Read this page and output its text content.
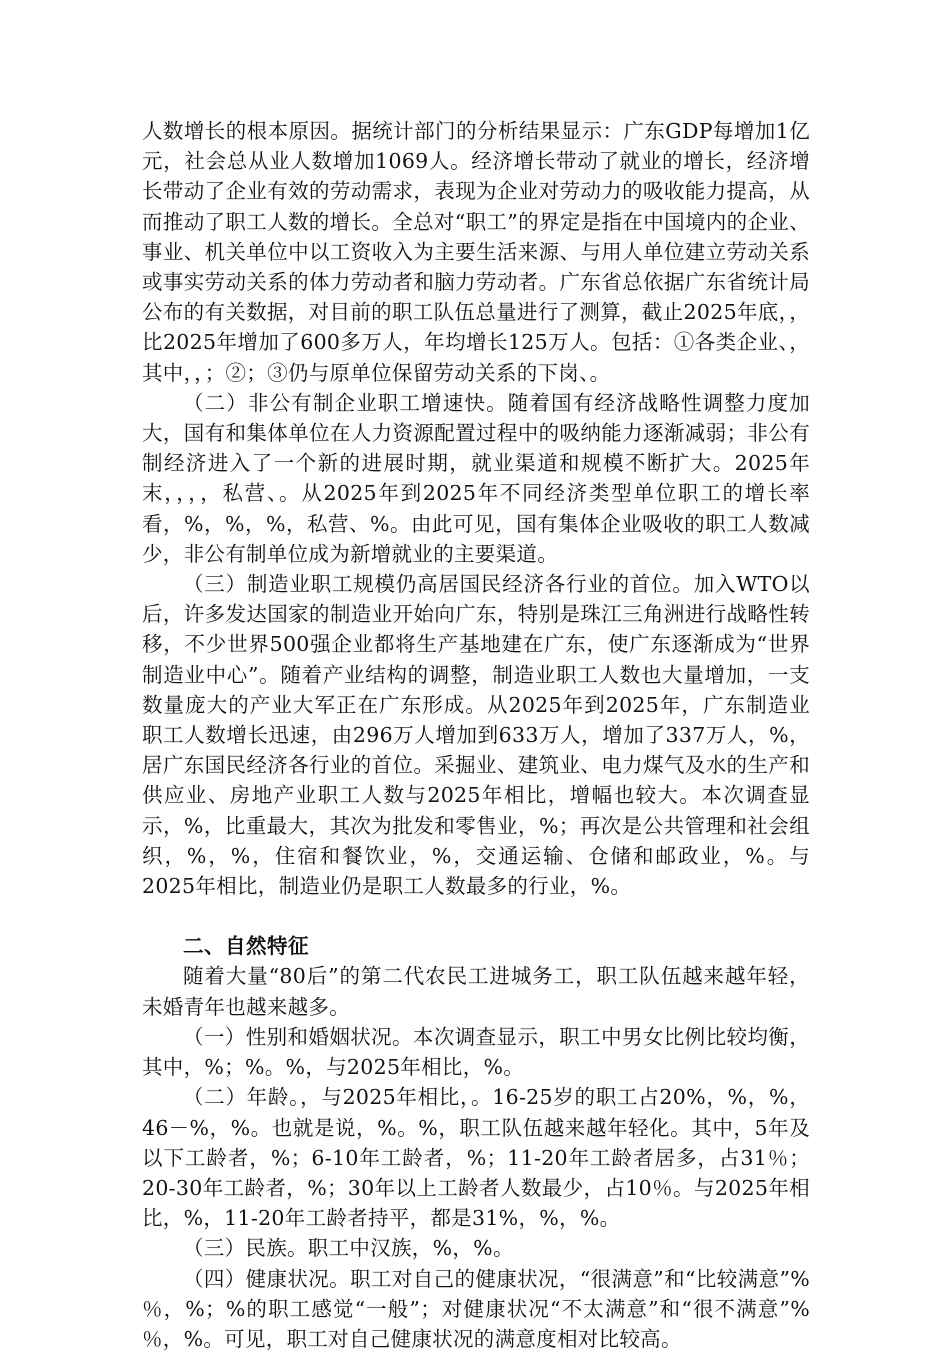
人数增长的根本原因。据统计部门的分析结果显示：广东GDP每增加1亿元，社会总从业人数增加1069人。经济增长带动了就业的增长，经济增长带动了企业有效的劳动需求，表现为企业对劳动力的吸收能力提高，从而推动了职工人数的增长。全总对“职工”的界定是指在中国境内的企业、事业、机关单位中以工资收入为主要生活来源、与用人单位建立劳动关系或事实劳动关系的体力劳动者和脑力劳动者。广东省总依据广东省统计局公布的有关数据，对目前的职工队伍总量进行了测算，截止2025年底，，比2025年增加了600多万人，年均增长125万人。包括：①各类企业、，其中，，；②；③仍与原单位保留劳动关系的下岗、。

（二）非公有制企业职工增速快。随着国有经济战略性调整力度加大，国有和集体单位在人力资源配置过程中的吸纳能力逐渐减弱；非公有制经济进入了一个新的进展时期，就业渠道和规模不断扩大。2025年末，，，，私营、。从2025年到2025年不同经济类型单位职工的增长率看，%，%，%，私营、%。由此可见，国有集体企业吸收的职工人数减少，非公有制单位成为新增就业的主要渠道。

（三）制造业职工规模仍高居国民经济各行业的首位。加入WTO以后，许多发达国家的制造业开始向广东，特别是珠江三角洲进行战略性转移，不少世界500强企业都将生产基地建在广东，使广东逐渐成为“世界制造业中心”。随着产业结构的调整，制造业职工人数也大量增加，一支数量庞大的产业大军正在广东形成。从2025年到2025年，广东制造业职工人数增长迅速，由296万人增加到633万人，增加了337万人，%，居广东国民经济各行业的首位。采掘业、建筑业、电力煤气及水的生产和供应业、房地产业职工人数与2025年相比，增幅也较大。本次调查显示，%，比重最大，其次为批发和零售业，%；再次是公共管理和社会组织，%，%，住宿和餐饮业，%，交通运输、仓储和邮政业，%。与2025年相比，制造业仍是职工人数最多的行业，%。

二、自然特征

随着大量“80后”的第二代农民工进城务工，职工队伍越来越年轻，未婚青年也越来越多。

（一）性别和婚姻状况。本次调查显示，职工中男女比例比较均衡，其中，%；%。%，与2025年相比，%。

（二）年龄。，与2025年相比，。16-25岁的职工占20%，%，%，46－%，%。也就是说，%。%，职工队伍越来越年轻化。其中，5年及以下工龄者，%；6-10年工龄者，%；11-20年工龄者居多，占31％；20-30年工龄者，%；30年以上工龄者人数最少，占10％。与2025年相比，%，11-20年工龄者持平，都是31%，%，%。

（三）民族。职工中汉族，%，%。

（四）健康状况。职工对自己的健康状况，“很满意”和“比较满意”%％，%；%的职工感觉“一般”；对健康状况“不太满意”和“很不满意”%％，%。可见，职工对自己健康状况的满意度相对比较高。
